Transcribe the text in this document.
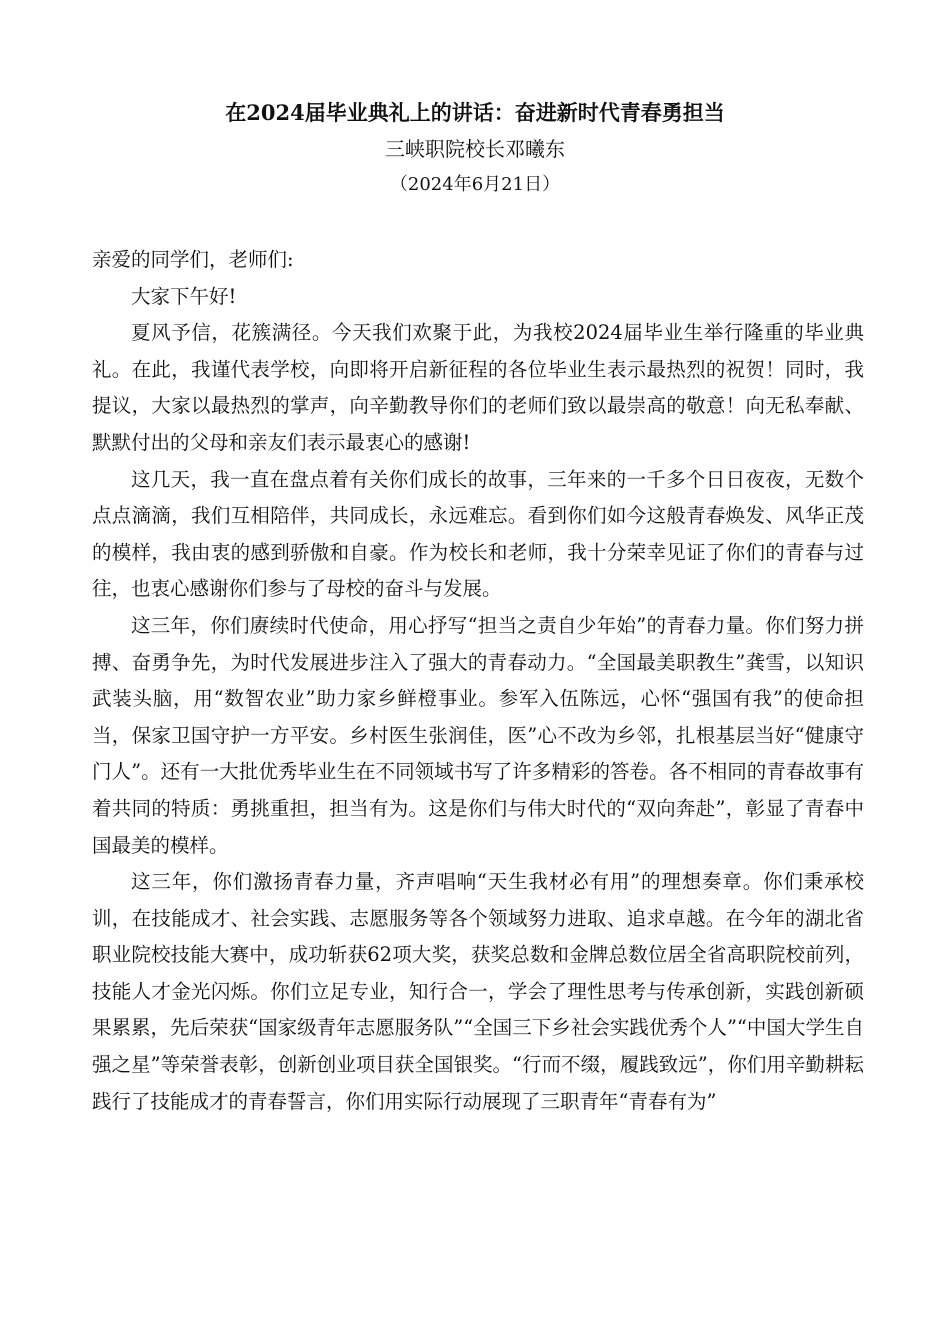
在2024届毕业典礼上的讲话：奋进新时代青春勇担当
三峡职院校长邓曦东
（2024年6月21日）

亲爱的同学们，老师们:

大家下午好!

夏风予信，花簇满径。今天我们欢聚于此，为我校2024届毕业生举行隆重的毕业典礼。在此，我谨代表学校，向即将开启新征程的各位毕业生表示最热烈的祝贺！同时，我提议，大家以最热烈的掌声，向辛勤教导你们的老师们致以最崇高的敬意！向无私奉献、默默付出的父母和亲友们表示最衷心的感谢!

这几天，我一直在盘点着有关你们成长的故事，三年来的一千多个日日夜夜，无数个点点滴滴，我们互相陪伴，共同成长，永远难忘。看到你们如今这般青春焕发、风华正茂的模样，我由衷的感到骄傲和自豪。作为校长和老师，我十分荣幸见证了你们的青春与过往，也衷心感谢你们参与了母校的奋斗与发展。

这三年，你们赓续时代使命，用心抒写“担当之责自少年始”的青春力量。你们努力拼搏、奋勇争先，为时代发展进步注入了强大的青春动力。“全国最美职教生”龚雪，以知识武装头脑，用“数智农业”助力家乡鲜橙事业。参军入伍陈远，心怀“强国有我”的使命担当，保家卫国守护一方平安。乡村医生张润佳，医”心不改为乡邻，扎根基层当好“健康守门人”。还有一大批优秀毕业生在不同领域书写了许多精彩的答卷。各不相同的青春故事有着共同的特质：勇挑重担，担当有为。这是你们与伟大时代的“双向奔赴”，彰显了青春中国最美的模样。

这三年，你们激扬青春力量，齐声唱响“天生我材必有用”的理想奏章。你们秉承校训，在技能成才、社会实践、志愿服务等各个领域努力进取、追求卓越。在今年的湖北省职业院校技能大赛中，成功斩获62项大奖，获奖总数和金牌总数位居全省高职院校前列，技能人才金光闪烁。你们立足专业，知行合一，学会了理性思考与传承创新，实践创新硕果累累，先后荣获“国家级青年志愿服务队”“全国三下乡社会实践优秀个人”“中国大学生自强之星”等荣誉表彰，创新创业项目获全国银奖。“行而不缀，履践致远”，你们用辛勤耕耘践行了技能成才的青春誓言，你们用实际行动展现了三职青年“青春有为”
